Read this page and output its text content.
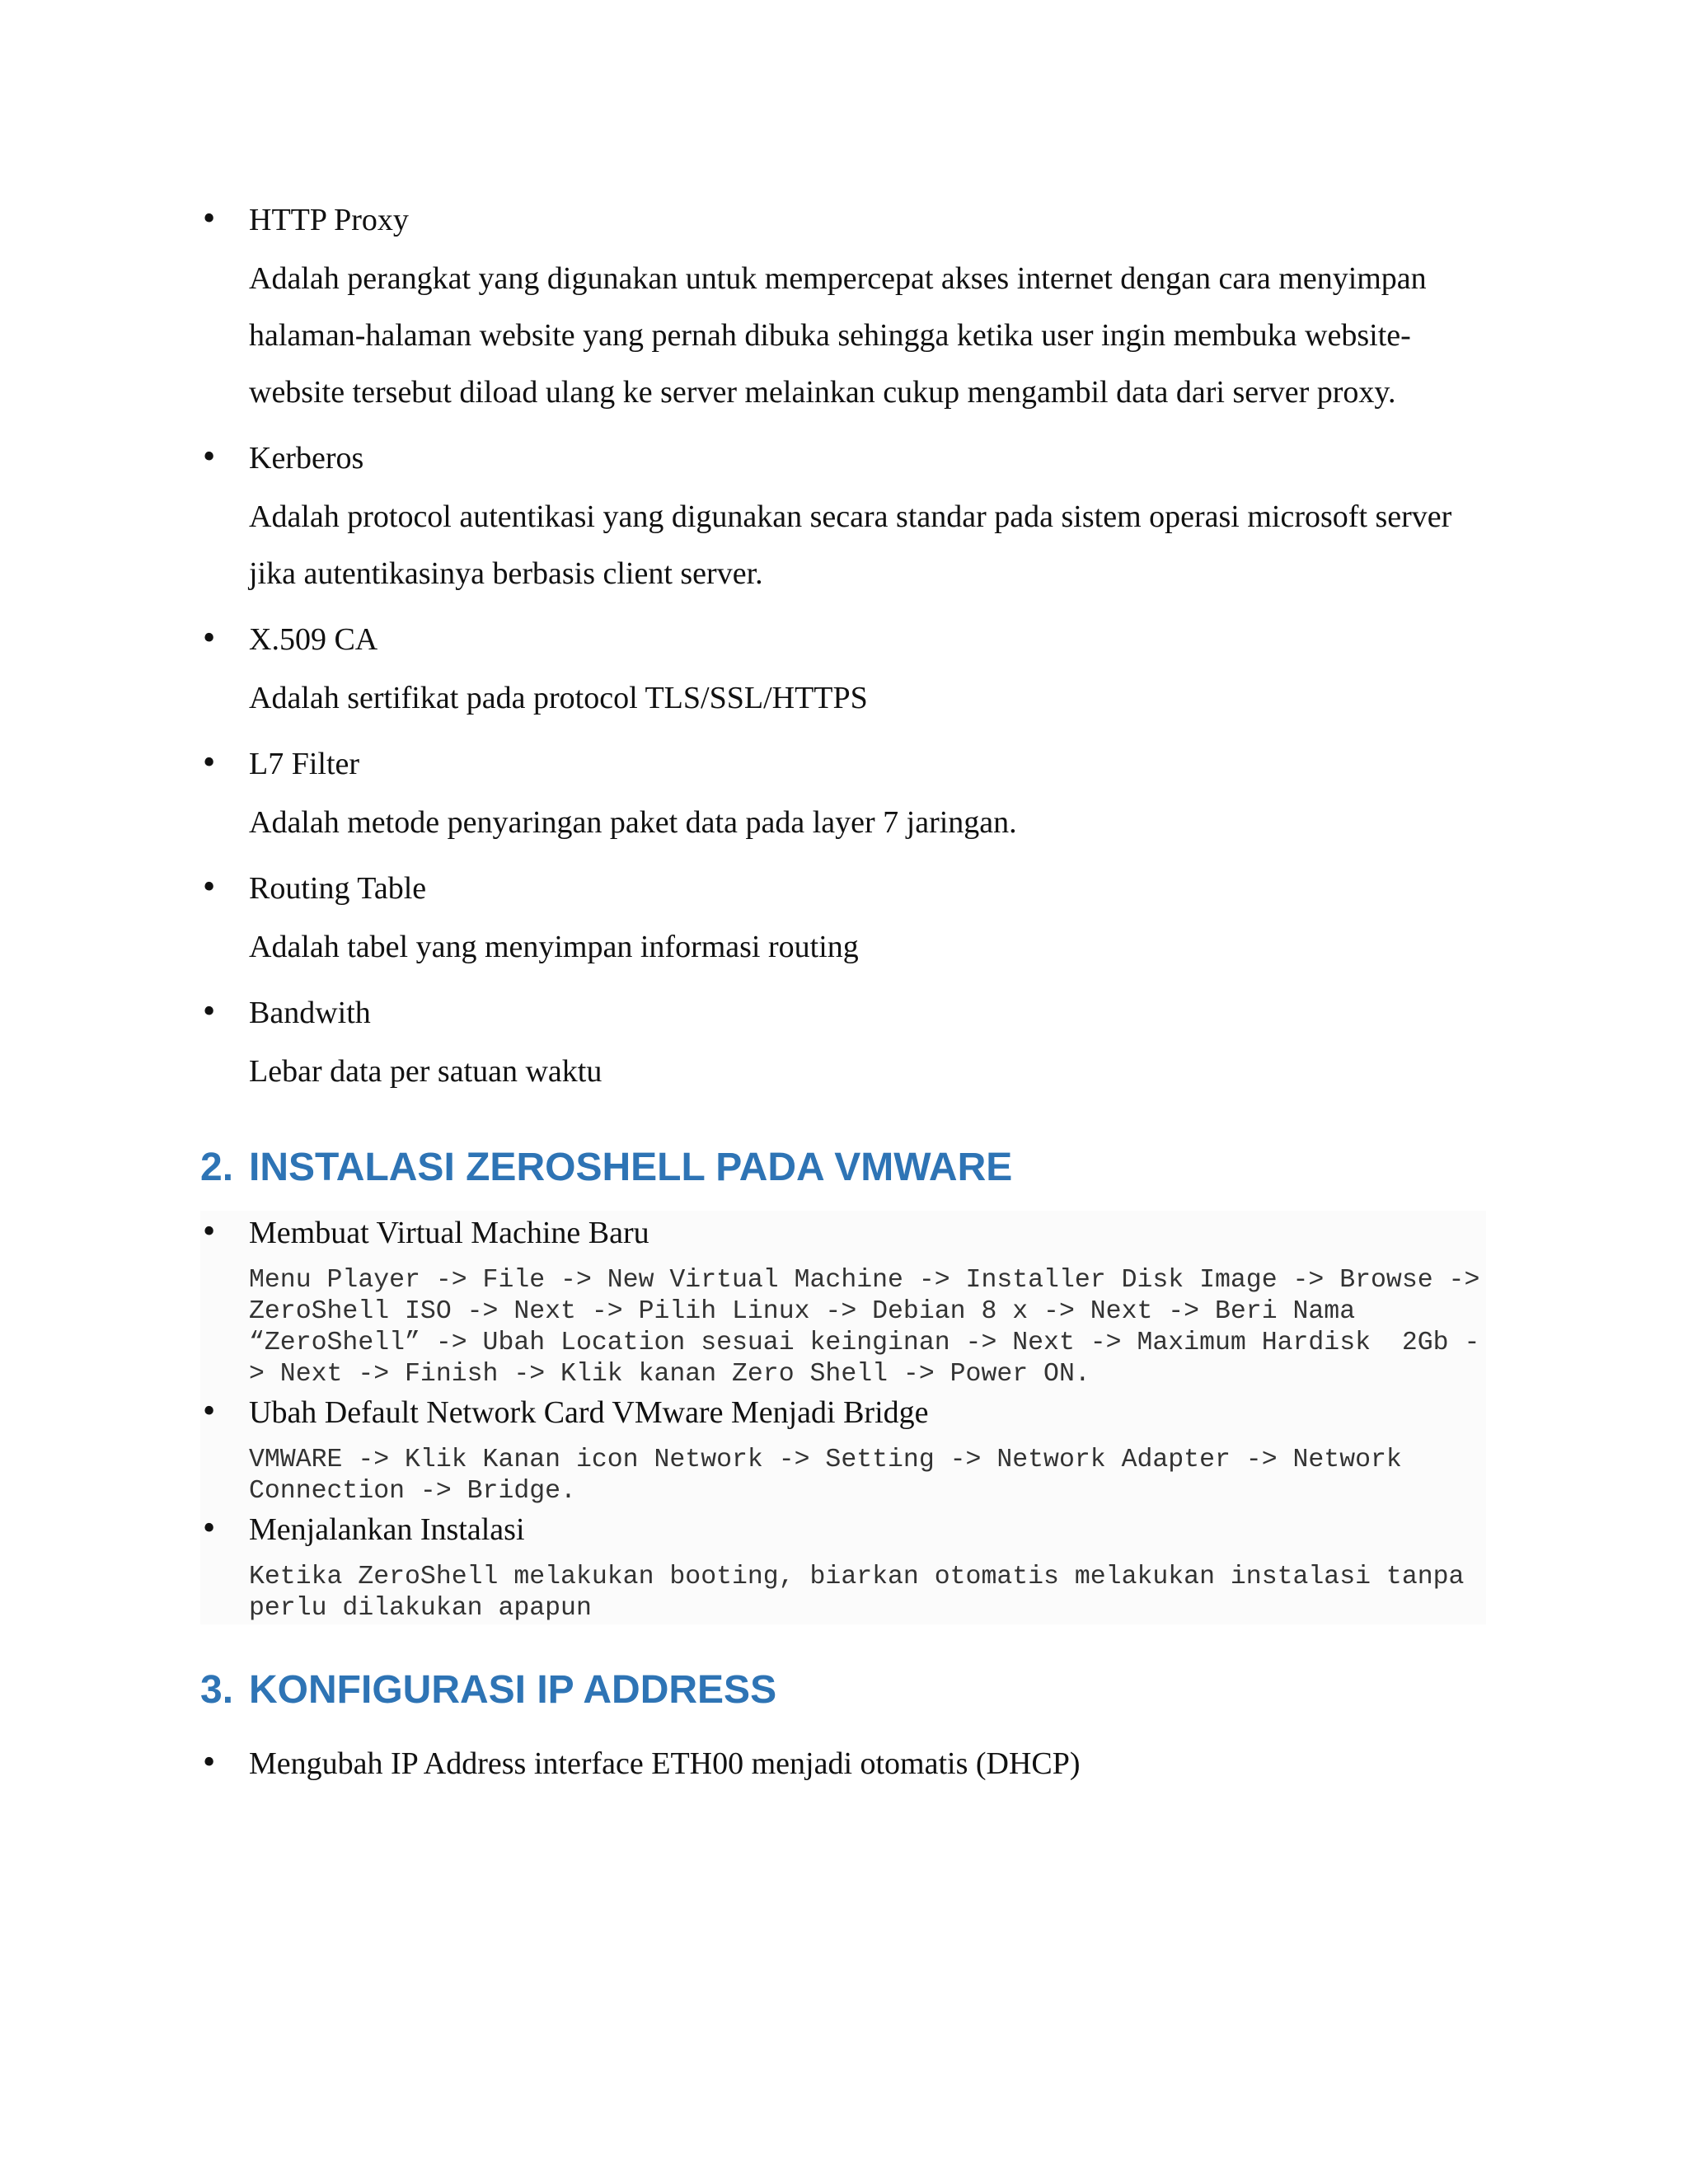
• HTTP Proxy

Adalah perangkat yang digunakan untuk mempercepat akses internet dengan cara menyimpan halaman-halaman website yang pernah dibuka sehingga ketika user ingin membuka website-website tersebut diload ulang ke server melainkan cukup mengambil data dari server proxy.

• Kerberos

Adalah protocol autentikasi yang digunakan secara standar pada sistem operasi microsoft server jika autentikasinya berbasis client server.

• X.509 CA

Adalah sertifikat pada protocol TLS/SSL/HTTPS

• L7 Filter

Adalah metode penyaringan paket data pada layer 7 jaringan.

• Routing Table

Adalah tabel yang menyimpan informasi routing

• Bandwith

Lebar data per satuan waktu

2. INSTALASI ZEROSHELL PADA VMWARE
• Membuat Virtual Machine Baru

Menu Player -> File -> New Virtual Machine -> Installer Disk Image -> Browse -> ZeroShell ISO -> Next -> Pilih Linux -> Debian 8 x -> Next -> Beri Nama “ZeroShell” -> Ubah Location sesuai keinginan -> Next -> Maximum Hardisk  2Gb -> Next -> Finish -> Klik kanan Zero Shell -> Power ON.
• Ubah Default Network Card VMware Menjadi Bridge

VMWARE -> Klik Kanan icon Network -> Setting -> Network Adapter -> Network Connection -> Bridge.
• Menjalankan Instalasi

Ketika ZeroShell melakukan booting, biarkan otomatis melakukan instalasi tanpa perlu dilakukan apapun
3. KONFIGURASI IP ADDRESS
• Mengubah IP Address interface ETH00 menjadi otomatis (DHCP)
